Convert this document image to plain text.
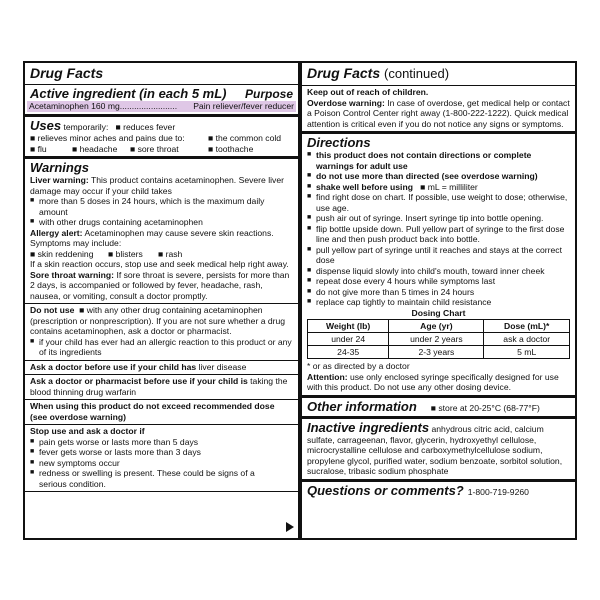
Drug Facts
Active ingredient (in each 5 mL) Purpose
Acetaminophen 160 mg........................ Pain reliever/fever reducer
Uses temporarily:   ■ reduces fever
■ relieves minor aches and pains due to:	■ the common cold
■ flu	■ headache	■ sore throat	■ toothache
Warnings
Liver warning: This product contains acetaminophen. Severe liver damage may occur if your child takes
■ more than 5 doses in 24 hours, which is the maximum daily amount
■ with other drugs containing acetaminophen
Allergy alert: Acetaminophen may cause severe skin reactions. Symptoms may include:
■ skin reddening	■ blisters	■ rash
If a skin reaction occurs, stop use and seek medical help right away.
Sore throat warning: If sore throat is severe, persists for more than 2 days, is accompanied or followed by fever, headache, rash, nausea, or vomiting, consult a doctor promptly.
Do not use  ■ with any other drug containing acetaminophen (prescription or nonprescription). If you are not sure whether a drug contains acetaminophen, ask a doctor or pharmacist.
■ if your child has ever had an allergic reaction to this product or any of its ingredients
Ask a doctor before use if your child has liver disease
Ask a doctor or pharmacist before use if your child is taking the blood thinning drug warfarin
When using this product do not exceed recommended dose (see overdose warning)
Stop use and ask a doctor if
■ pain gets worse or lasts more than 5 days
■ fever gets worse or lasts more than 3 days
■ new symptoms occur
■ redness or swelling is present. These could be signs of a serious condition.
Drug Facts (continued)
Keep out of reach of children.
Overdose warning: In case of overdose, get medical help or contact a Poison Control Center right away (1-800-222-1222). Quick medical attention is critical even if you do not notice any signs or symptoms.
Directions
■ this product does not contain directions or complete warnings for adult use
■ do not use more than directed (see overdose warning)
■ shake well before using   ■ mL = milliliter
■ find right dose on chart. If possible, use weight to dose; otherwise, use age.
■ push air out of syringe. Insert syringe tip into bottle opening.
■ flip bottle upside down. Pull yellow part of syringe to the first dose line and then push product back into bottle.
■ pull yellow part of syringe until it reaches and stays at the correct dose
■ dispense liquid slowly into child's mouth, toward inner cheek
■ repeat dose every 4 hours while symptoms last
■ do not give more than 5 times in 24 hours
■ replace cap tightly to maintain child resistance
Dosing Chart
Weight (lb)	Age (yr)	Dose (mL)*
under 24	under 2 years	ask a doctor
24-35	2-3 years	5 mL
* or as directed by a doctor
Attention: use only enclosed syringe specifically designed for use with this product. Do not use any other dosing device.
Other information ■ store at 20-25°C (68-77°F)
Inactive ingredients anhydrous citric acid, calcium sulfate, carrageenan, flavor, glycerin, hydroxyethyl cellulose, microcrystalline cellulose and carboxymethylcellulose sodium, propylene glycol, purified water, sodium benzoate, sorbitol solution, sucralose, tribasic sodium phosphate
Questions or comments? 1-800-719-9260
